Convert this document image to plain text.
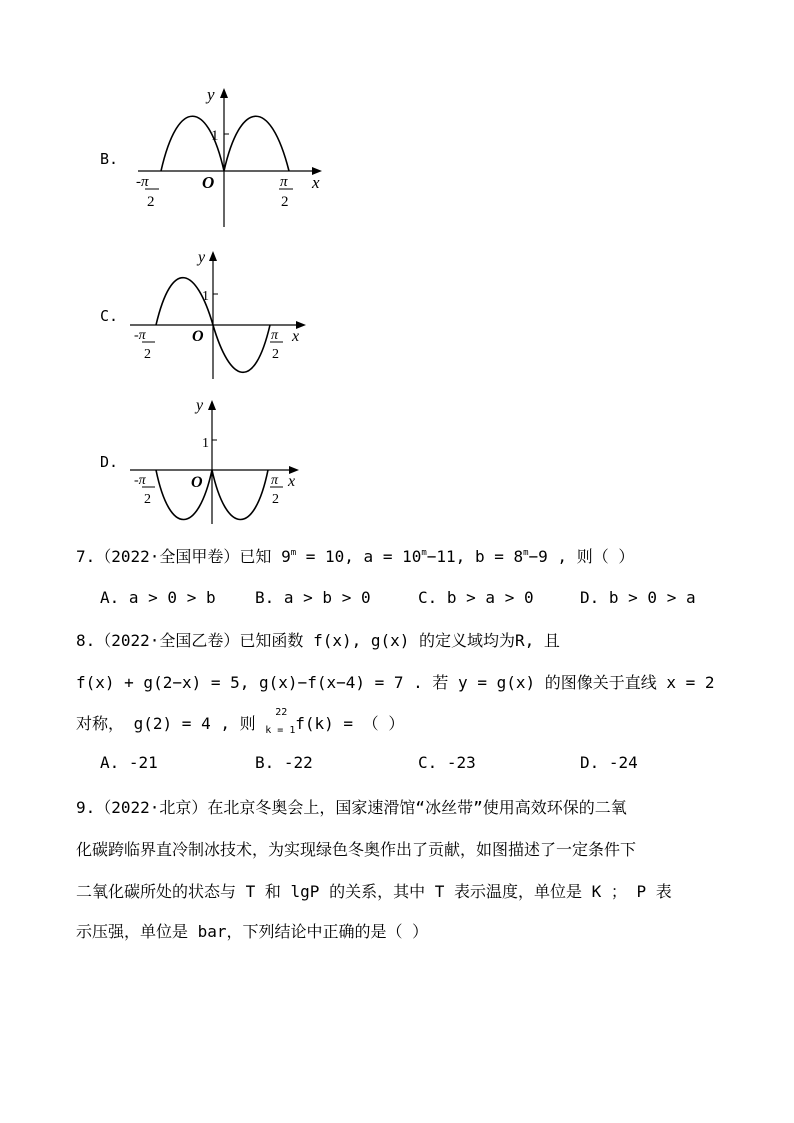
B.
y
1
O	x
-π
2
π
2
C.
y
1
O	x
-π
2
π
2
D.
y
1
O	x
-π
2
π
2
7.（2022·全国甲卷）已知 $9^m = 10$, $a = 10^m-11$, $b = 8^m-9$ , 则（ ）
A. a > 0 > b B. a > b > 0	C. b > a > 0	D. b > 0 > a
8.（2022·全国乙卷）已知函数 f(x), g(x) 的定义域均为R, 且
f(x) + g(2−x) = 5, g(x)−f(x−4) = 7 . 若 y = g(x) 的图像关于直线 x = 2
对称， g(2) = 4 , 则
22
k = 1 f(k) = （ ）
A. -21	B. -22	C. -23	D. -24
9.（2022·北京）在北京冬奥会上，国家速滑馆“冰丝带”使用高效环保的二氧
化碳跨临界直冷制冰技术，为实现绿色冬奥作出了贡献，如图描述了一定条件下
二氧化碳所处的状态与 T 和 lgP 的关系，其中 T 表示温度，单位是 K ； P 表
示压强，单位是 bar，下列结论中正确的是（ ）
